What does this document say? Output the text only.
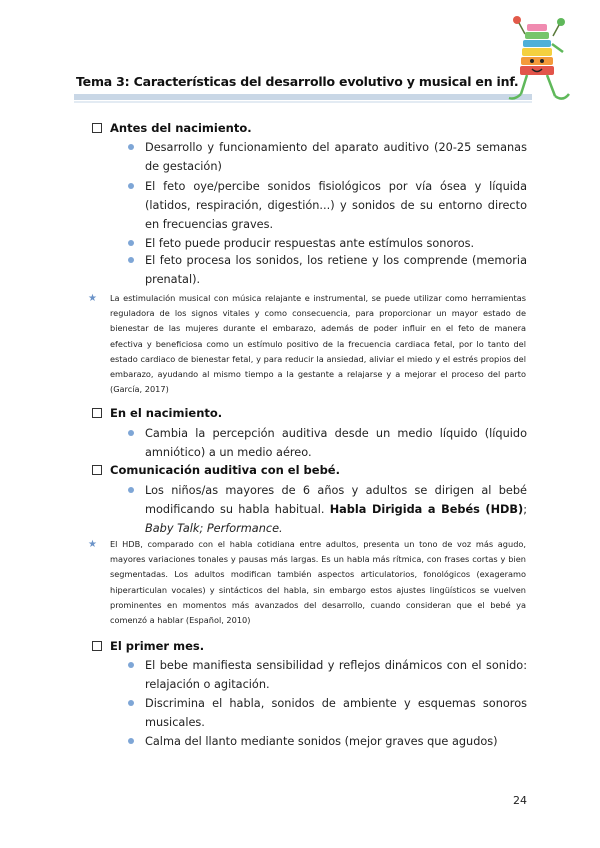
Tema 3: Características del desarrollo evolutivo y musical en inf.
Antes del nacimiento.
Desarrollo y funcionamiento del aparato auditivo (20-25 semanas de gestación)
El feto oye/percibe sonidos fisiológicos por vía ósea y líquida (latidos, respiración, digestión...) y sonidos de su entorno directo en frecuencias graves.
El feto puede producir respuestas ante estímulos sonoros.
El feto procesa los sonidos, los retiene y los comprende (memoria prenatal).
★ La estimulación musical con música relajante e instrumental, se puede utilizar como herramientas reguladora de los signos vitales y como consecuencia, para proporcionar un mayor estado de bienestar de las mujeres durante el embarazo, además de poder influir en el feto de manera efectiva y beneficiosa como un estímulo positivo de la frecuencia cardiaca fetal, por lo tanto del estado cardiaco de bienestar fetal, y para reducir la ansiedad, aliviar el miedo y el estrés propios del embarazo, ayudando al mismo tiempo a la gestante a relajarse y a mejorar el proceso del parto (García, 2017)
En el nacimiento.
Cambia la percepción auditiva desde un medio líquido (líquido amniótico) a un medio aéreo.
Comunicación auditiva con el bebé.
Los niños/as mayores de 6 años y adultos se dirigen al bebé modificando su habla habitual. Habla Dirigida a Bebés (HDB); Baby Talk; Performance.
★ El HDB, comparado con el habla cotidiana entre adultos, presenta un tono de voz más agudo, mayores variaciones tonales y pausas más largas. Es un habla más rítmica, con frases cortas y bien segmentadas. Los adultos modifican también aspectos articulatorios, fonológicos (exageramo hiperarticulan vocales) y sintácticos del habla, sin embargo estos ajustes lingüísticos se vuelven prominentes en momentos más avanzados del desarrollo, cuando consideran que el bebé ya comenzó a hablar (Español, 2010)
El primer mes.
El bebe manifiesta sensibilidad y reflejos dinámicos con el sonido: relajación o agitación.
Discrimina el habla, sonidos de ambiente y esquemas sonoros musicales.
Calma del llanto mediante sonidos (mejor graves que agudos)
24
